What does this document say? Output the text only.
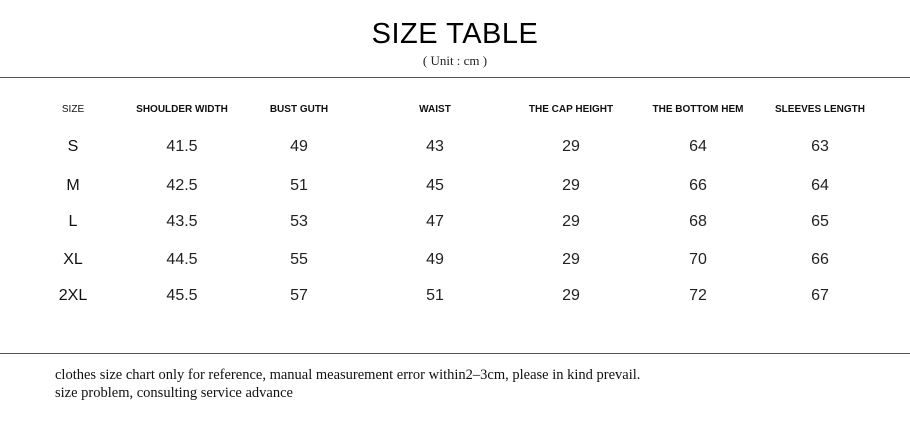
SIZE TABLE
( Unit : cm )
SIZE	SHOULDER WIDTH	BUST GUTH	WAIST	THE CAP HEIGHT	THE BOTTOM HEM	SLEEVES LENGTH
S	41.5	49	43	29	64	63
M	42.5	51	45	29	66	64
L	43.5	53	47	29	68	65
XL	44.5	55	49	29	70	66
2XL	45.5	57	51	29	72	67
clothes size chart only for reference, manual measurement error within2–3cm, please in kind prevail.
size problem, consulting service advance
